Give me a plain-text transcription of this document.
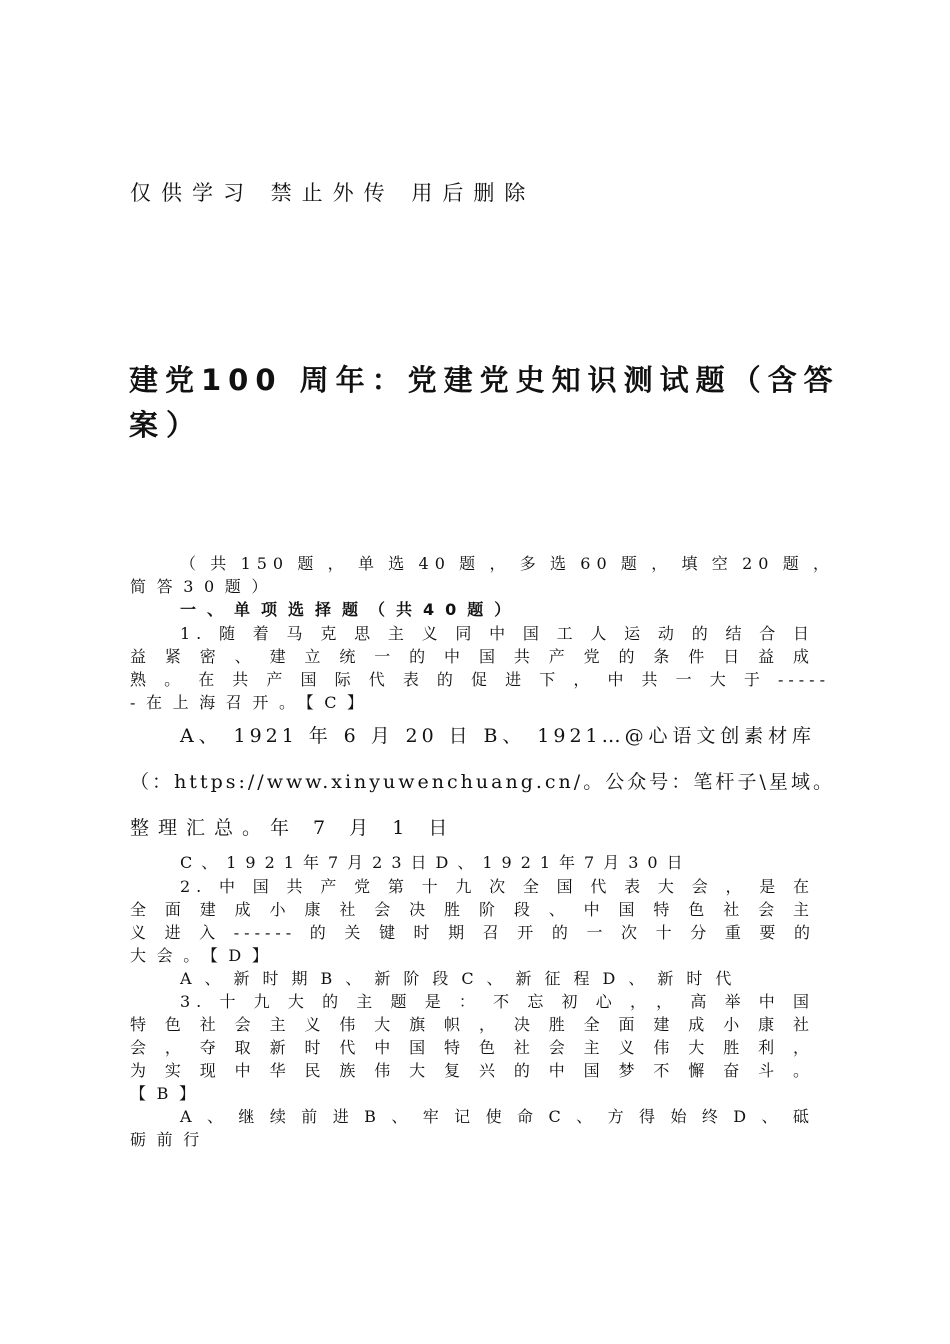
仅供学习 禁止外传 用后删除
建党100 周年：党建党史知识测试题（含答
案）
（共150题，单选40题，多选60题，填空20题，
简答30题）
一、单项选择题（共40题）
1.随着马克思主义同中国工人运动的结合日
益紧密、建立统一的中国共产党的条件日益成
熟。在共产国际代表的促进下，中共一大于-----
-在上海召开。【C】
A、 1921 年 6 月 20 日 B、 1921…@心语文创素材库
（：https://www.xinyuwenchuang.cn/。公众号：笔杆子\星域。
整理汇总。年 7 月 1 日
C、1921年7月23日D、1921年7月30日
2.中国共产党第十九次全国代表大会，是在
全面建成小康社会决胜阶段、中国特色社会主
义进入------的关键时期召开的一次十分重要的
大会。【D】
A、新时期B、新阶段C、新征程D、新时代
3.十九大的主题是：不忘初心，，高举中国
特色社会主义伟大旗帜，决胜全面建成小康社
会，夺取新时代中国特色社会主义伟大胜利，
为实现中华民族伟大复兴的中国梦不懈奋斗。
【B】
A、继续前进B、牢记使命C、方得始终D、砥
砺前行
